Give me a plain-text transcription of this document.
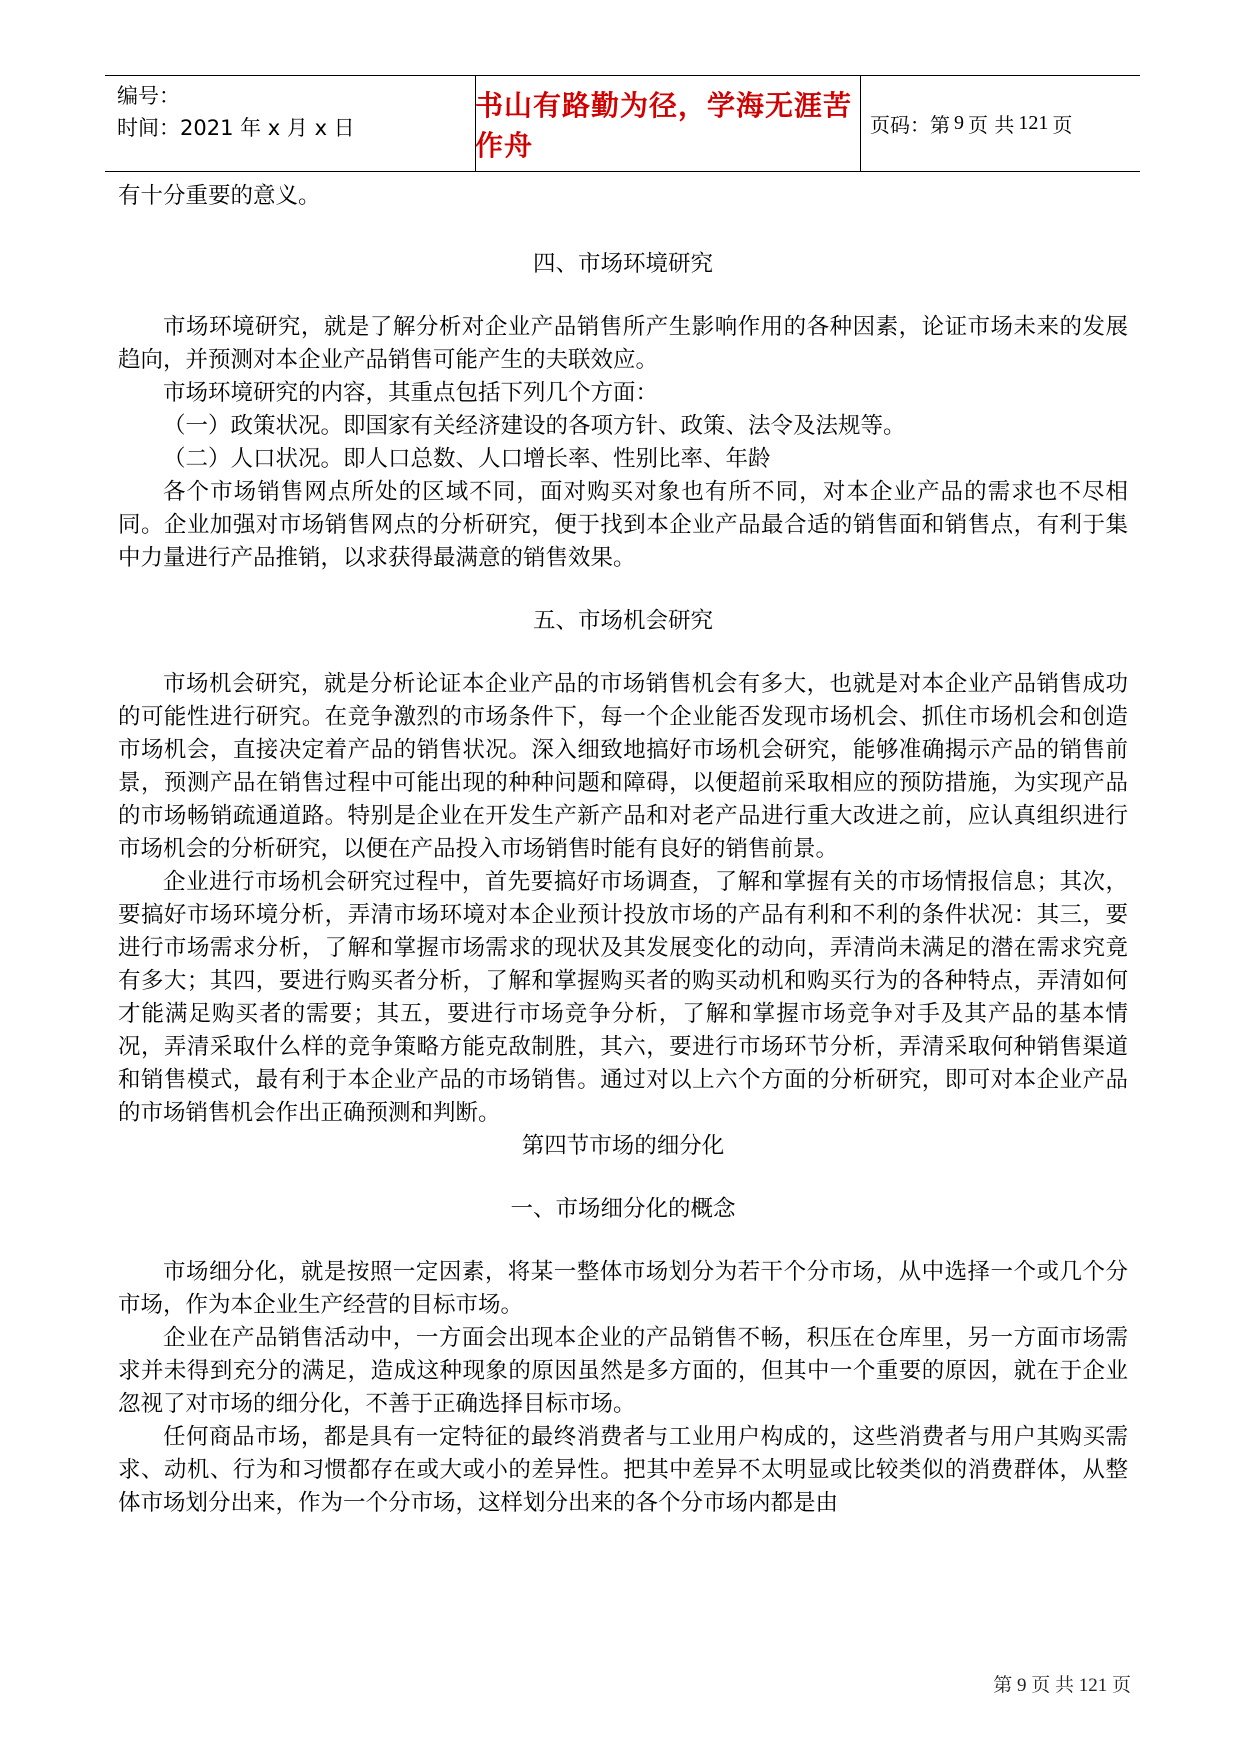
编号：
时间：2021 年 x 月 x 日
书山有路勤为径，学海无涯苦作舟
页码：第 9 页 共 121 页

有十分重要的意义。

四、市场环境研究

市场环境研究，就是了解分析对企业产品销售所产生影响作用的各种因素，论证市场未来的发展趋向，并预测对本企业产品销售可能产生的夫联效应。

市场环境研究的内容，其重点包括下列几个方面：

（一）政策状况。即国家有关经济建设的各项方针、政策、法令及法规等。

（二）人口状况。即人口总数、人口增长率、性别比率、年龄

各个市场销售网点所处的区域不同，面对购买对象也有所不同，对本企业产品的需求也不尽相同。企业加强对市场销售网点的分析研究，便于找到本企业产品最合适的销售面和销售点，有利于集中力量进行产品推销，以求获得最满意的销售效果。

五、市场机会研究

市场机会研究，就是分析论证本企业产品的市场销售机会有多大，也就是对本企业产品销售成功的可能性进行研究。在竞争激烈的市场条件下，每一个企业能否发现市场机会、抓住市场机会和创造市场机会，直接决定着产品的销售状况。深入细致地搞好市场机会研究，能够准确揭示产品的销售前景，预测产品在销售过程中可能出现的种种问题和障碍，以便超前采取相应的预防措施，为实现产品的市场畅销疏通道路。特别是企业在开发生产新产品和对老产品进行重大改进之前，应认真组织进行市场机会的分析研究，以便在产品投入市场销售时能有良好的销售前景。

企业进行市场机会研究过程中，首先要搞好市场调查，了解和掌握有关的市场情报信息；其次，要搞好市场环境分析，弄清市场环境对本企业预计投放市场的产品有利和不利的条件状况：其三，要进行市场需求分析，了解和掌握市场需求的现状及其发展变化的动向，弄清尚未满足的潜在需求究竟有多大；其四，要进行购买者分析，了解和掌握购买者的购买动机和购买行为的各种特点，弄清如何才能满足购买者的需要；其五，要进行市场竞争分析，了解和掌握市场竞争对手及其产品的基本情况，弄清采取什么样的竞争策略方能克敌制胜，其六，要进行市场环节分析，弄清采取何种销售渠道和销售模式，最有利于本企业产品的市场销售。通过对以上六个方面的分析研究，即可对本企业产品的市场销售机会作出正确预测和判断。

第四节市场的细分化

一、市场细分化的概念

市场细分化，就是按照一定因素，将某一整体市场划分为若干个分市场，从中选择一个或几个分市场，作为本企业生产经营的目标市场。

企业在产品销售活动中，一方面会出现本企业的产品销售不畅，积压在仓库里，另一方面市场需求并未得到充分的满足，造成这种现象的原因虽然是多方面的，但其中一个重要的原因，就在于企业忽视了对市场的细分化，不善于正确选择目标市场。

任何商品市场，都是具有一定特征的最终消费者与工业用户构成的，这些消费者与用户其购买需求、动机、行为和习惯都存在或大或小的差异性。把其中差异不太明显或比较类似的消费群体，从整体市场划分出来，作为一个分市场，这样划分出来的各个分市场内都是由

第 9 页 共 121 页
